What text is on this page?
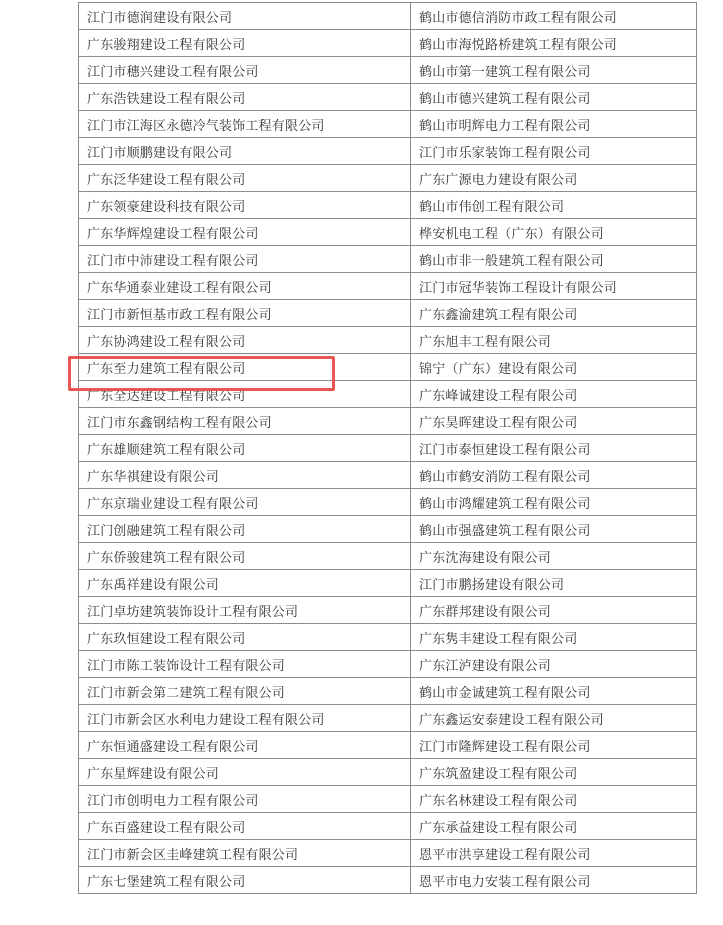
江门市德润建设有限公司	鹤山市德信消防市政工程有限公司
广东骏翔建设工程有限公司	鹤山市海悦路桥建筑工程有限公司
江门市穗兴建设工程有限公司	鹤山市第一建筑工程有限公司
广东浩铁建设工程有限公司	鹤山市德兴建筑工程有限公司
江门市江海区永德冷气装饰工程有限公司	鹤山市明辉电力工程有限公司
江门市顺鹏建设有限公司	江门市乐家装饰工程有限公司
广东泛华建设工程有限公司	广东广源电力建设有限公司
广东领豪建设科技有限公司	鹤山市伟创工程有限公司
广东华辉煌建设工程有限公司	桦安机电工程（广东）有限公司
江门市中沛建设工程有限公司	鹤山市非一般建筑工程有限公司
广东华通泰业建设工程有限公司	江门市冠华装饰工程设计有限公司
江门市新恒基市政工程有限公司	广东鑫渝建筑工程有限公司
广东协鸿建设工程有限公司	广东旭丰工程有限公司
广东至力建筑工程有限公司	锦宁（广东）建设有限公司
广东全达建设工程有限公司	广东峰诚建设工程有限公司
江门市东鑫钢结构工程有限公司	广东昊晖建设工程有限公司
广东雄顺建筑工程有限公司	江门市泰恒建设工程有限公司
广东华祺建设有限公司	鹤山市鹤安消防工程有限公司
广东京瑞业建设工程有限公司	鹤山市鸿耀建筑工程有限公司
江门创融建筑工程有限公司	鹤山市强盛建筑工程有限公司
广东侨骏建筑工程有限公司	广东沈海建设有限公司
广东禹祥建设有限公司	江门市鹏扬建设有限公司
江门卓坊建筑装饰设计工程有限公司	广东群邦建设有限公司
广东玖恒建设工程有限公司	广东隽丰建设工程有限公司
江门市陈工装饰设计工程有限公司	广东江泸建设有限公司
江门市新会第二建筑工程有限公司	鹤山市金诚建筑工程有限公司
江门市新会区水利电力建设工程有限公司	广东鑫运安泰建设工程有限公司
广东恒通盛建设工程有限公司	江门市隆辉建设工程有限公司
广东星辉建设有限公司	广东筑盈建设工程有限公司
江门市创明电力工程有限公司	广东名林建设工程有限公司
广东百盛建设工程有限公司	广东承益建设工程有限公司
江门市新会区圭峰建筑工程有限公司	恩平市洪享建设工程有限公司
广东七堡建筑工程有限公司	恩平市电力安装工程有限公司
